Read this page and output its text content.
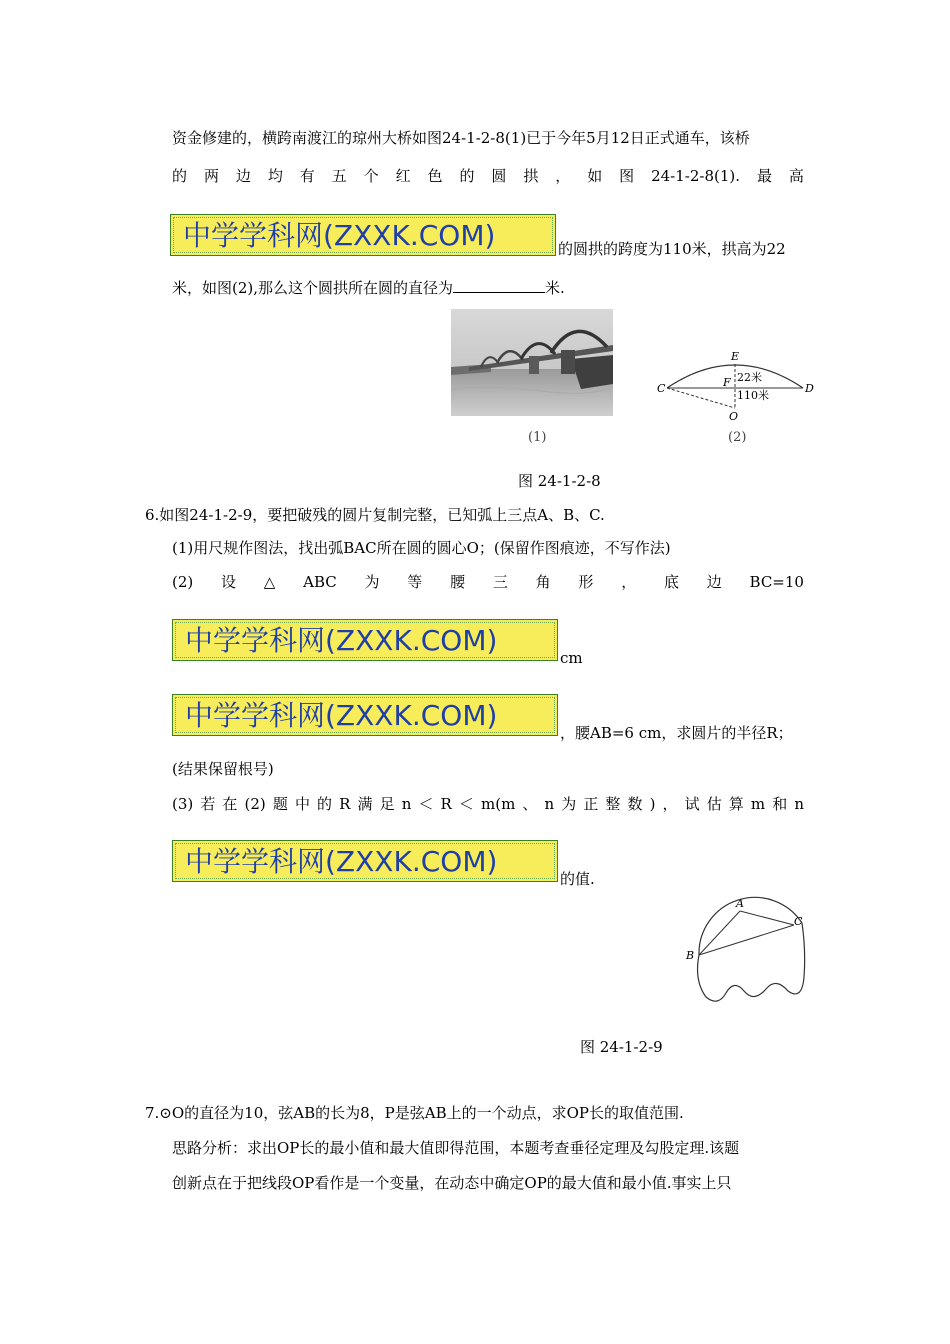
资金修建的，横跨南渡江的琼州大桥如图24-1-2-8(1)已于今年5月12日正式通车，该桥
的 两 边 均 有 五 个 红 色 的 圆 拱 ， 如 图 24-1-2-8(1). 最 高
中学学科网(ZXXK.COM)	的圆拱的跨度为110米，拱高为22
米，如图(2),那么这个圆拱所在圆的直径为	米.
(1)
E
F
C	D
O
22米
110米
(2)
图 24-1-2-8
6.如图24-1-2-9，要把破残的圆片复制完整，已知弧上三点A、B、C.
(1)用尺规作图法，找出弧BAC所在圆的圆心O；(保留作图痕迹，不写作法)
(2) 设 △ ABC 为 等 腰 三 角 形 ， 底 边 BC=10
中学学科网(ZXXK.COM)
cm
中学学科网(ZXXK.COM)
，腰AB=6 cm，求圆片的半径R；
(结果保留根号)
(3) 若 在 (2) 题 中 的 R 满 足 n ＜ R ＜ m(m 、 n 为 正 整 数 ) ， 试 估 算 m 和 n
中学学科网(ZXXK.COM)
的值.
A
B
C
图 24-1-2-9
7.⊙O的直径为10，弦AB的长为8，P是弦AB上的一个动点，求OP长的取值范围.
思路分析：求出OP长的最小值和最大值即得范围，本题考查垂径定理及勾股定理.该题
创新点在于把线段OP看作是一个变量，在动态中确定OP的最大值和最小值.事实上只
